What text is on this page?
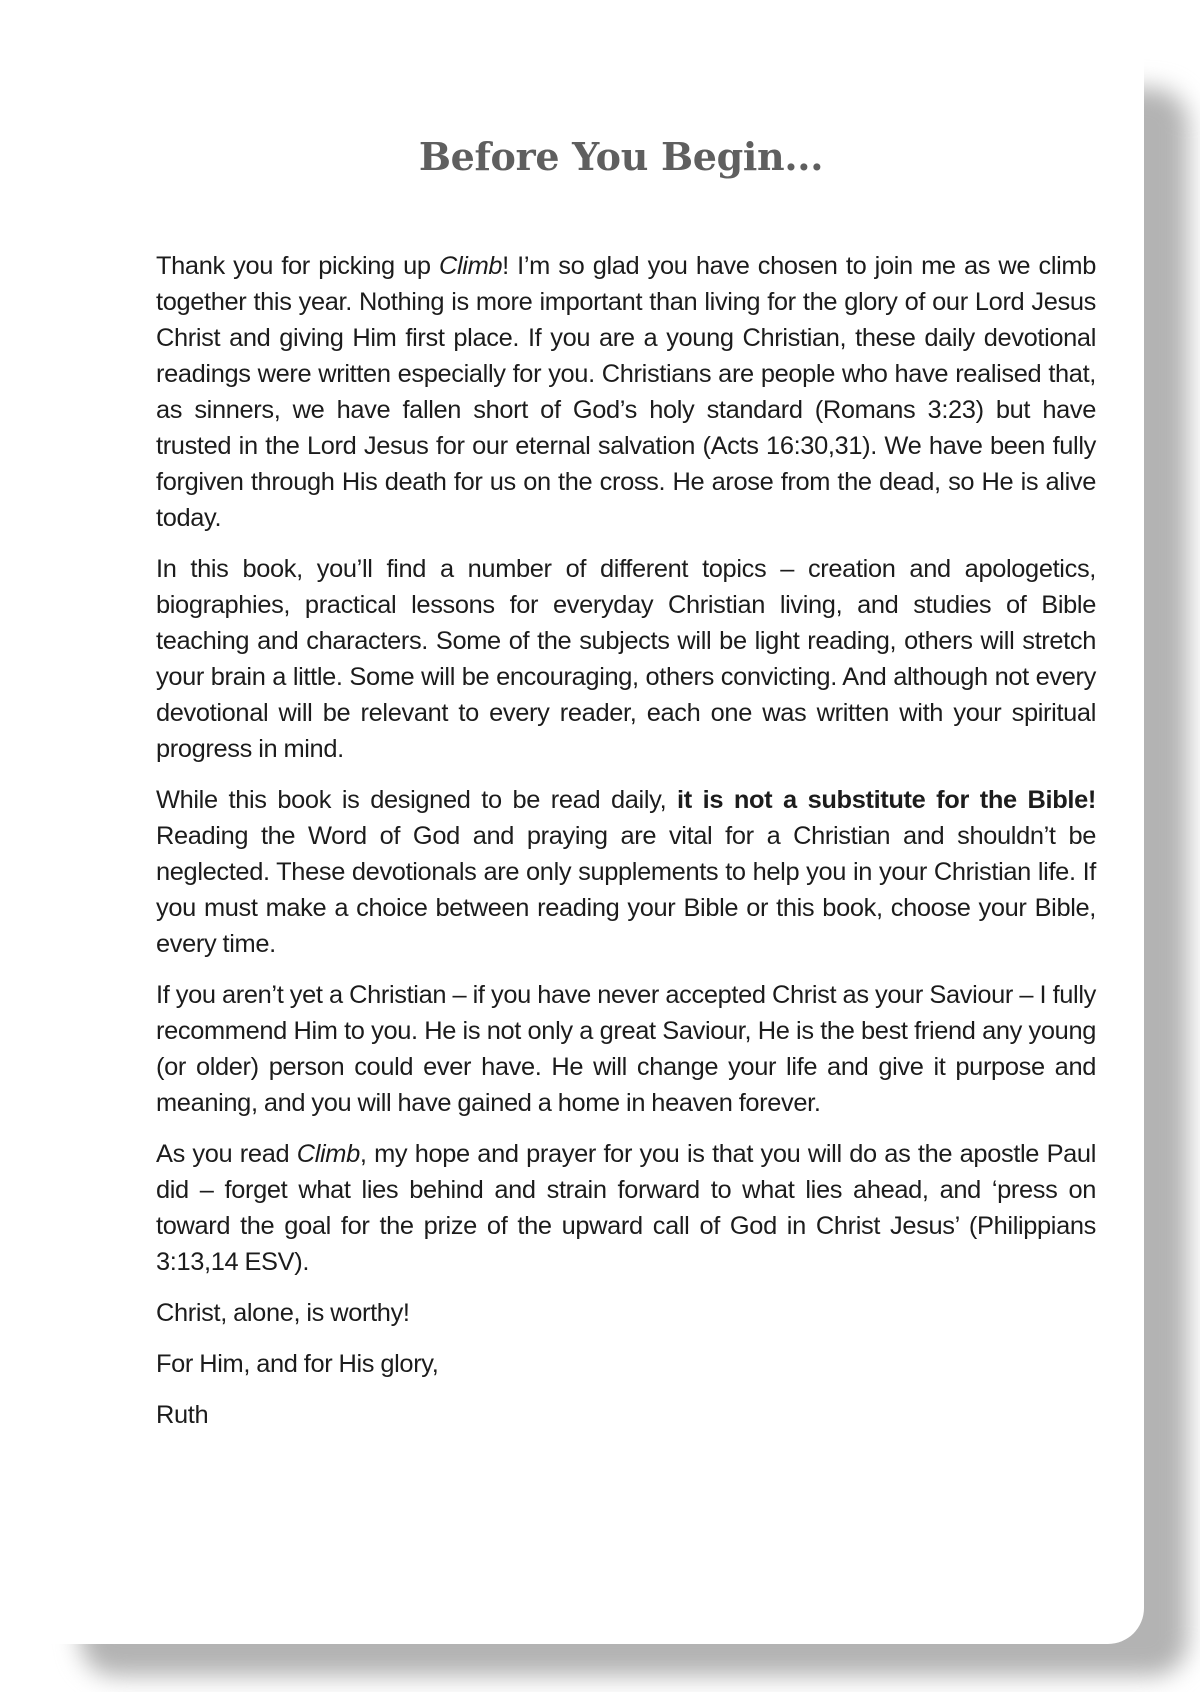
Before You Begin...

Thank you for picking up Climb! I’m so glad you have chosen to join me as we climb together this year. Nothing is more important than living for the glory of our Lord Jesus Christ and giving Him first place. If you are a young Christian, these daily devotional readings were written especially for you. Christians are people who have realised that, as sinners, we have fallen short of God’s holy standard (Romans 3:23) but have trusted in the Lord Jesus for our eternal salvation (Acts 16:30,31). We have been fully forgiven through His death for us on the cross. He arose from the dead, so He is alive today.

In this book, you’ll find a number of different topics – creation and apologetics, biographies, practical lessons for everyday Christian living, and studies of Bible teaching and characters. Some of the subjects will be light reading, others will stretch your brain a little. Some will be encouraging, others convicting. And although not every devotional will be relevant to every reader, each one was written with your spiritual progress in mind.

While this book is designed to be read daily, it is not a substitute for the Bible! Reading the Word of God and praying are vital for a Christian and shouldn’t be neglected. These devotionals are only supplements to help you in your Christian life. If you must make a choice between reading your Bible or this book, choose your Bible, every time.

If you aren’t yet a Christian – if you have never accepted Christ as your Saviour – I fully recommend Him to you. He is not only a great Saviour, He is the best friend any young (or older) person could ever have. He will change your life and give it purpose and meaning, and you will have gained a home in heaven forever.

As you read Climb, my hope and prayer for you is that you will do as the apostle Paul did – forget what lies behind and strain forward to what lies ahead, and ‘press on toward the goal for the prize of the upward call of God in Christ Jesus’ (Philippians 3:13,14 ESV).

Christ, alone, is worthy!

For Him, and for His glory,

Ruth
